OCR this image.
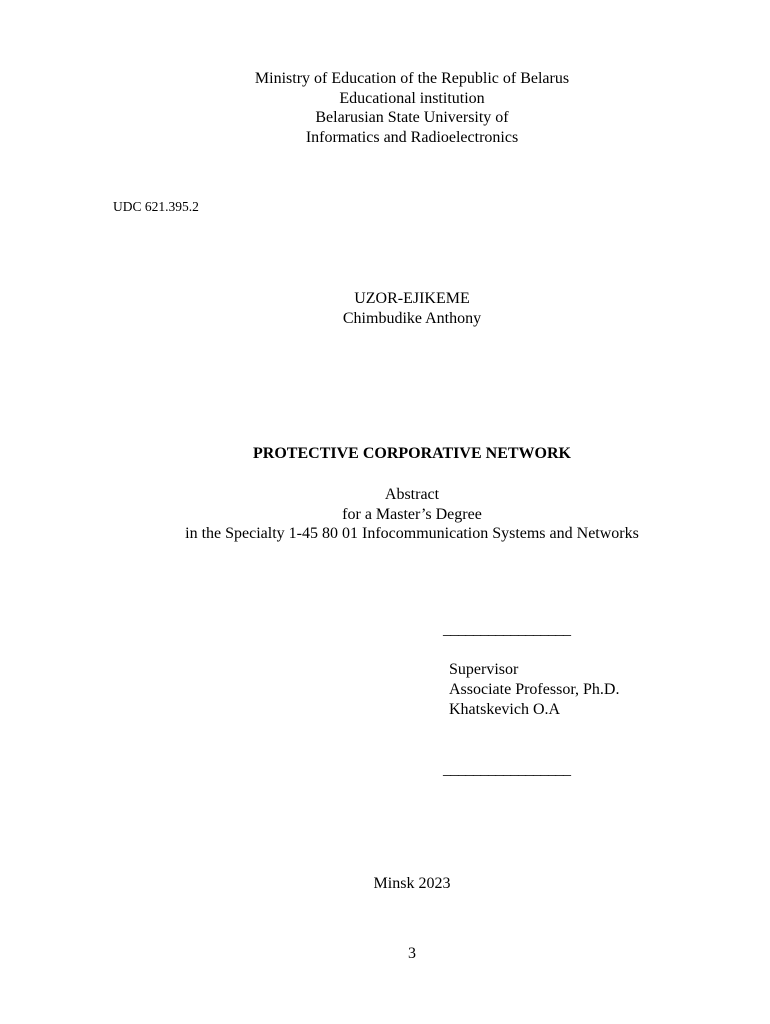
Ministry of Education of the Republic of Belarus
Educational institution
Belarusian State University of
Informatics and Radioelectronics
UDC 621.395.2
UZOR-EJIKEME
Chimbudike Anthony
PROTECTIVE CORPORATIVE NETWORK
Abstract
for a Master’s Degree
in the Specialty 1-45 80 01 Infocommunication Systems and Networks
_________________
Supervisor
Associate Professor, Ph.D.
Khatskevich O.A
_________________
Minsk 2023
3
